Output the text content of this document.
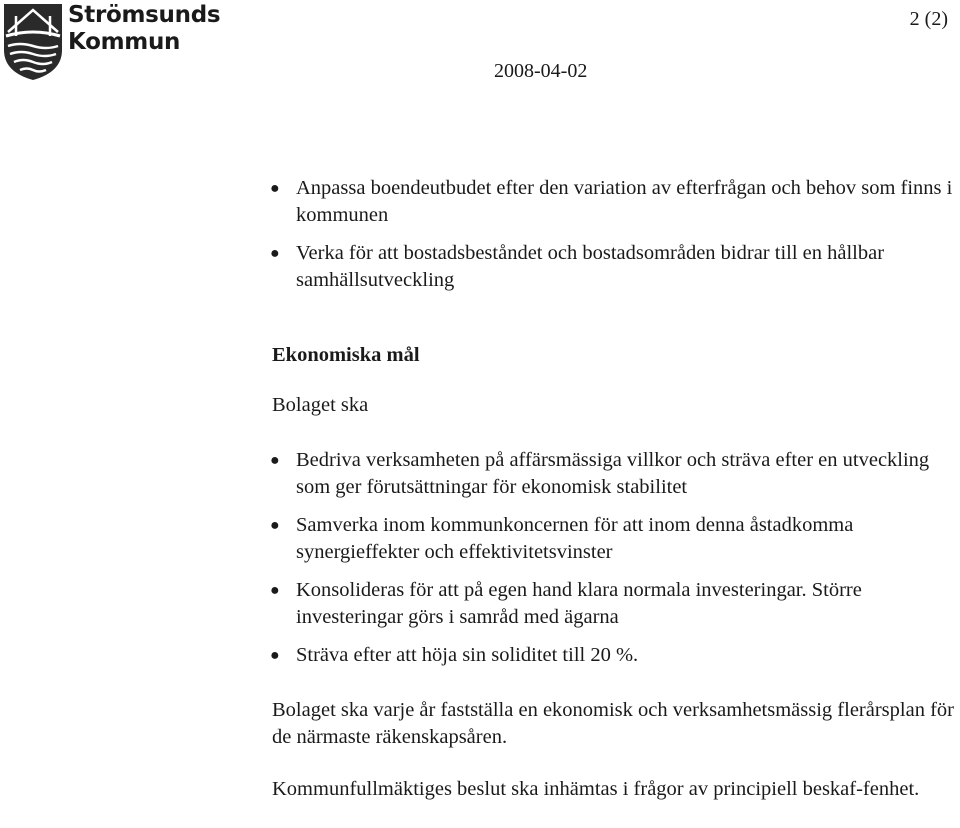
Strömsunds
Kommun
2 (2)
2008-04-02
● Anpassa boendeutbudet efter den variation av efterfrågan och behov som finns i kommunen
● Verka för att bostadsbeståndet och bostadsområden bidrar till en hållbar samhällsutveckling
Ekonomiska mål
Bolaget ska
● Bedriva verksamheten på affärsmässiga villkor och sträva efter en utveckling som ger förutsättningar för ekonomisk stabilitet
● Samverka inom kommunkoncernen för att inom denna åstadkomma synergieffekter och effektivitetsvinster
● Konsolideras för att på egen hand klara normala investeringar. Större investeringar görs i samråd med ägarna
● Sträva efter att höja sin soliditet till 20 %.
Bolaget ska varje år fastställa en ekonomisk och verksamhetsmässig flerårsplan för de närmaste räkenskapsåren.
Kommunfullmäktiges beslut ska inhämtas i frågor av principiell beskaf-fenhet.
